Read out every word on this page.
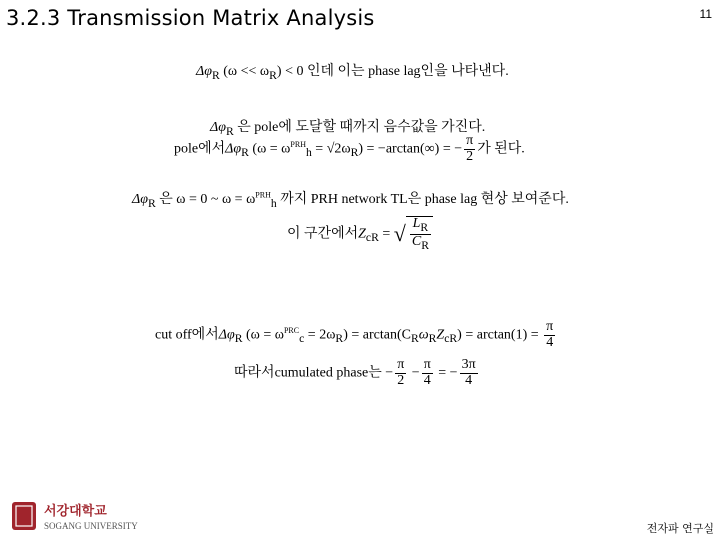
3.2.3 Transmission Matrix Analysis	11
$\Delta\varphi_R$ $(\omega << \omega_R) < 0$ 인데 이는 phase lag인을 나타낸다.
$\Delta\varphi_R$ 은 pole에 도달할 때까지 음수값을 가진다.
pole에서$\Delta\varphi_R$ $(\omega = \omega^{PRH}_h = √2\omega_R) = -\arctan(\infty)$ = − $\frac{\pi}{2}$ 가 된다.
$\Delta\varphi_R$ 은 ω = 0 ~ $\omega = \omega^{PRH}_h$ 까지 PRH network TL은 phase lag 현상 보여준다.
이 구간에서$Z_{cR}$ = √ $\frac{L_R}{C_R}$
cut off에서$\Delta\varphi_R$ $(\omega = \omega^{PRC}_c = 2\omega_R) = \arctan(C_R\omega_RZ_{cR}) = \arctan(1) = \frac{\pi}{4}$
따라서cumulated phase는 − $\frac{\pi}{2} - \frac{\pi}{4}$ = − $\frac{3\pi}{4}$
서강대학교
SOGANG UNIVERSITY	전자파 연구실
